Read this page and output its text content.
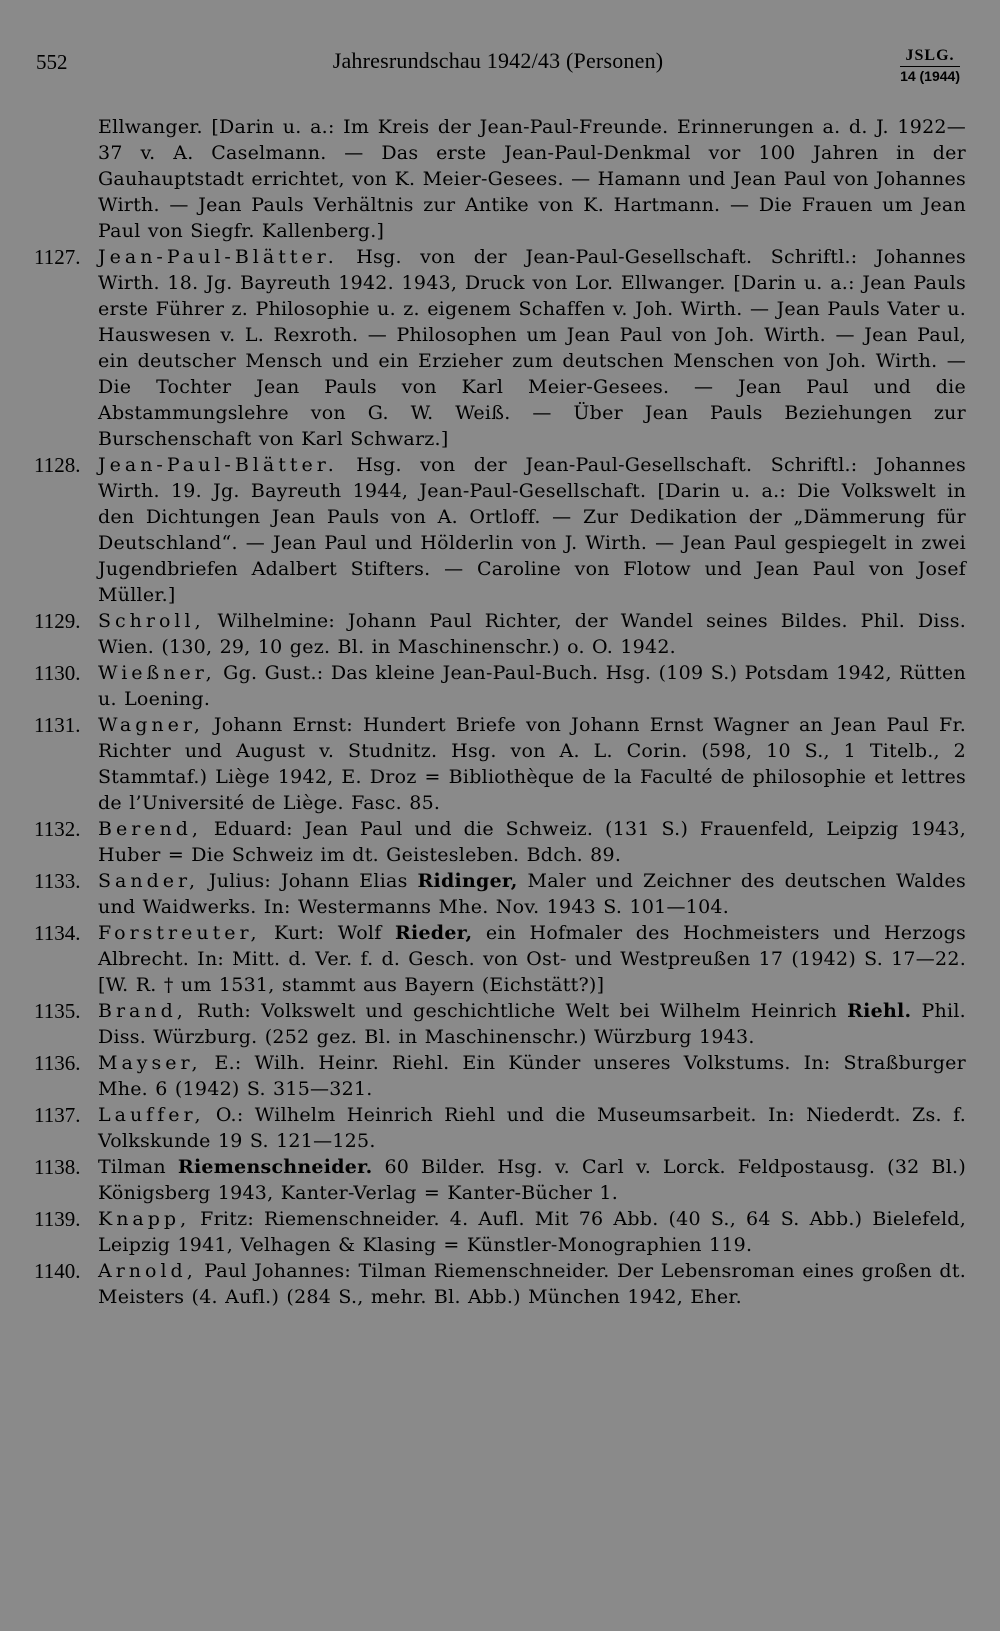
552	Jahresrundschau 1942/43 (Personen)	JSLG.
14 (1944)
Ellwanger. [Darin u. a.: Im Kreis der Jean-Paul-Freunde. Erinnerungen a. d. J. 1922—37 v. A. Caselmann. — Das erste Jean-Paul-Denkmal vor 100 Jahren in der Gauhauptstadt errichtet, von K. Meier-Gesees. — Hamann und Jean Paul von Johannes Wirth. — Jean Pauls Verhältnis zur Antike von K. Hartmann. — Die Frauen um Jean Paul von Siegfr. Kallenberg.]
1127. Jean-Paul-Blätter. Hsg. von der Jean-Paul-Gesellschaft. Schriftl.: Johannes Wirth. 18. Jg. Bayreuth 1942. 1943, Druck von Lor. Ellwanger. [Darin u. a.: Jean Pauls erste Führer z. Philosophie u. z. eigenem Schaffen v. Joh. Wirth. — Jean Pauls Vater u. Hauswesen v. L. Rexroth. — Philosophen um Jean Paul von Joh. Wirth. — Jean Paul, ein deutscher Mensch und ein Erzieher zum deutschen Menschen von Joh. Wirth. — Die Tochter Jean Pauls von Karl Meier-Gesees. — Jean Paul und die Abstammungslehre von G. W. Weiß. — Über Jean Pauls Beziehungen zur Burschenschaft von Karl Schwarz.]
1128. Jean-Paul-Blätter. Hsg. von der Jean-Paul-Gesellschaft. Schriftl.: Johannes Wirth. 19. Jg. Bayreuth 1944, Jean-Paul-Gesellschaft. [Darin u. a.: Die Volkswelt in den Dichtungen Jean Pauls von A. Ortloff. — Zur Dedikation der „Dämmerung für Deutschland“. — Jean Paul und Hölderlin von J. Wirth. — Jean Paul gespiegelt in zwei Jugendbriefen Adalbert Stifters. — Caroline von Flotow und Jean Paul von Josef Müller.]
1129. Schroll, Wilhelmine: Johann Paul Richter, der Wandel seines Bildes. Phil. Diss. Wien. (130, 29, 10 gez. Bl. in Maschinenschr.) o. O. 1942.
1130. Wießner, Gg. Gust.: Das kleine Jean-Paul-Buch. Hsg. (109 S.) Potsdam 1942, Rütten u. Loening.
1131. Wagner, Johann Ernst: Hundert Briefe von Johann Ernst Wagner an Jean Paul Fr. Richter und August v. Studnitz. Hsg. von A. L. Corin. (598, 10 S., 1 Titelb., 2 Stammtaf.) Liège 1942, E. Droz = Bibliothèque de la Faculté de philosophie et lettres de l’Université de Liège. Fasc. 85.
1132. Berend, Eduard: Jean Paul und die Schweiz. (131 S.) Frauenfeld, Leipzig 1943, Huber = Die Schweiz im dt. Geistesleben. Bdch. 89.
1133. Sander, Julius: Johann Elias Ridinger, Maler und Zeichner des deutschen Waldes und Waidwerks. In: Westermanns Mhe. Nov. 1943 S. 101—104.
1134. Forstreuter, Kurt: Wolf Rieder, ein Hofmaler des Hochmeisters und Herzogs Albrecht. In: Mitt. d. Ver. f. d. Gesch. von Ost- und Westpreußen 17 (1942) S. 17—22. [W. R. † um 1531, stammt aus Bayern (Eichstätt?)]
1135. Brand, Ruth: Volkswelt und geschichtliche Welt bei Wilhelm Heinrich Riehl. Phil. Diss. Würzburg. (252 gez. Bl. in Maschinenschr.) Würzburg 1943.
1136. Mayser, E.: Wilh. Heinr. Riehl. Ein Künder unseres Volkstums. In: Straßburger Mhe. 6 (1942) S. 315—321.
1137. Lauffer, O.: Wilhelm Heinrich Riehl und die Museumsarbeit. In: Niederdt. Zs. f. Volkskunde 19 S. 121—125.
1138. Tilman Riemenschneider. 60 Bilder. Hsg. v. Carl v. Lorck. Feldpostausg. (32 Bl.) Königsberg 1943, Kanter-Verlag = Kanter-Bücher 1.
1139. Knapp, Fritz: Riemenschneider. 4. Aufl. Mit 76 Abb. (40 S., 64 S. Abb.) Bielefeld, Leipzig 1941, Velhagen & Klasing = Künstler-Monographien 119.
1140. Arnold, Paul Johannes: Tilman Riemenschneider. Der Lebensroman eines großen dt. Meisters (4. Aufl.) (284 S., mehr. Bl. Abb.) München 1942, Eher.
